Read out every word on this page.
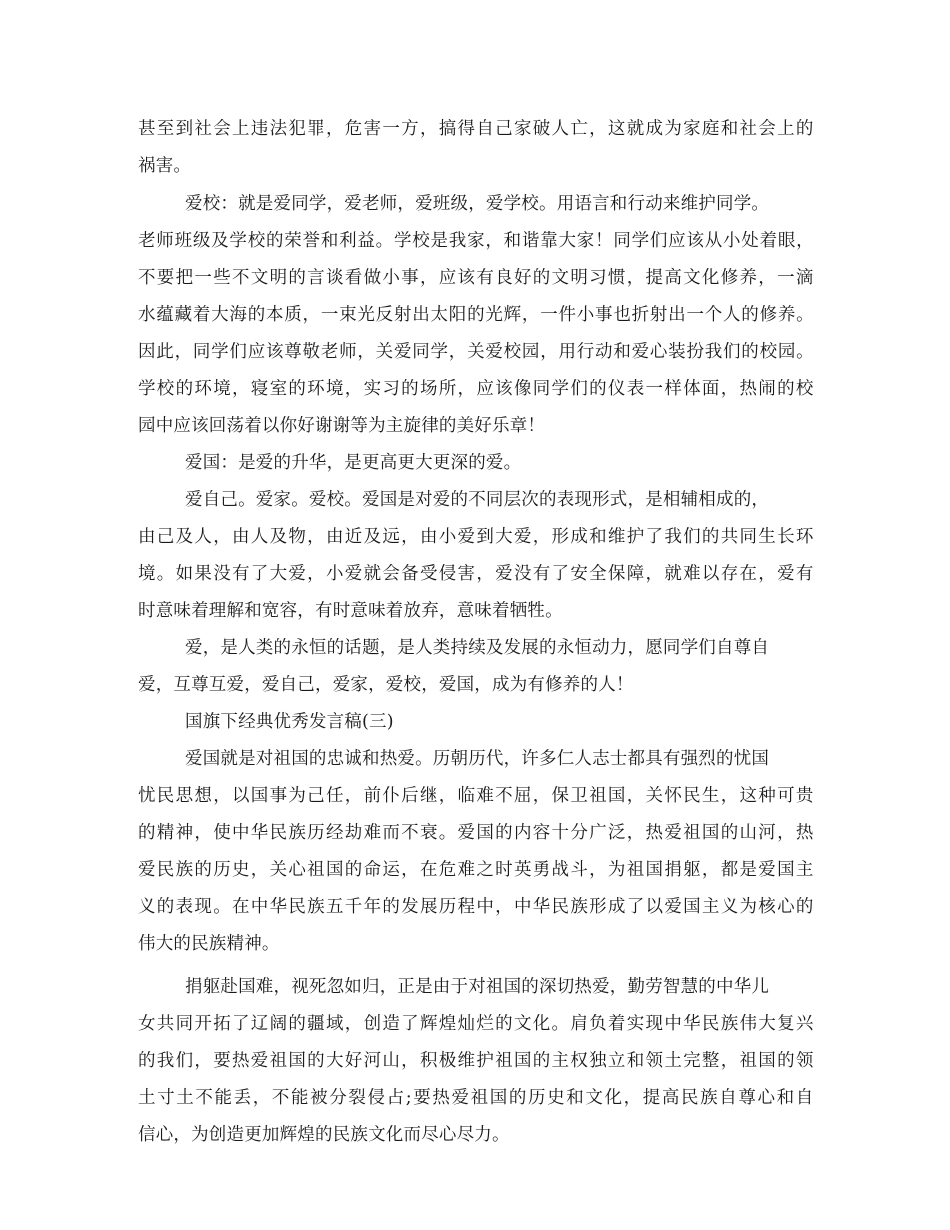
甚 至 到 社 会 上 违 法 犯 罪 ， 危 害 一 方 ， 搞 得 自 己 家 破 人 亡 ， 这 就 成 为 家 庭 和 社 会 上 的
祸害。
爱校：就是爱同学，爱老师，爱班级，爱学校。用语言和行动来维护同学。
老 师 班 级 及 学 校 的 荣 誉 和 利 益 。 学 校 是 我 家 ， 和 谐 靠 大 家 ！ 同 学 们 应 该 从 小 处 着 眼 ，
不 要 把 一 些 不 文 明 的 言 谈 看 做 小 事 ， 应 该 有 良 好 的 文 明 习 惯 ， 提 高 文 化 修 养 ， 一 滴
水 蕴 藏 着 大 海 的 本 质 ， 一 束 光 反 射 出 太 阳 的 光 辉 ， 一 件 小 事 也 折 射 出 一 个 人 的 修 养 。
因 此 ， 同 学 们 应 该 尊 敬 老 师 ， 关 爱 同 学 ， 关 爱 校 园 ， 用 行 动 和 爱 心 装 扮 我 们 的 校 园 。
学 校 的 环 境 ， 寝 室 的 环 境 ， 实 习 的 场 所 ， 应 该 像 同 学 们 的 仪 表 一 样 体 面 ， 热 闹 的 校
园中应该回荡着以你好谢谢等为主旋律的美好乐章！
爱国：是爱的升华，是更高更大更深的爱。
爱自己。爱家。爱校。爱国是对爱的不同层次的表现形式，是相辅相成的，
由 己 及 人 ， 由 人 及 物 ， 由 近 及 远 ， 由 小 爱 到 大 爱 ， 形 成 和 维 护 了 我 们 的 共 同 生 长 环
境 。 如 果 没 有 了 大 爱 ， 小 爱 就 会 备 受 侵 害 ， 爱 没 有 了 安 全 保 障 ， 就 难 以 存 在 ， 爱 有
时意味着理解和宽容，有时意味着放弃，意味着牺牲。
爱，是人类的永恒的话题，是人类持续及发展的永恒动力，愿同学们自尊自
爱，互尊互爱，爱自己，爱家，爱校，爱国，成为有修养的人！
国旗下经典优秀发言稿(三)
爱国就是对祖国的忠诚和热爱。历朝历代，许多仁人志士都具有强烈的忧国
忧 民 思 想 ， 以 国 事 为 己 任 ， 前 仆 后 继 ， 临 难 不 屈 ， 保 卫 祖 国 ， 关 怀 民 生 ， 这 种 可 贵
的 精 神 ， 使 中 华 民 族 历 经 劫 难 而 不 衰 。 爱 国 的 内 容 十 分 广 泛 ， 热 爱 祖 国 的 山 河 ， 热
爱 民 族 的 历 史 ， 关 心 祖 国 的 命 运 ， 在 危 难 之 时 英 勇 战 斗 ， 为 祖 国 捐 躯 ， 都 是 爱 国 主
义 的 表 现 。 在 中 华 民 族 五 千 年 的 发 展 历 程 中 ， 中 华 民 族 形 成 了 以 爱 国 主 义 为 核 心 的
伟大的民族精神。
捐躯赴国难，视死忽如归，正是由于对祖国的深切热爱，勤劳智慧的中华儿
女 共 同 开 拓 了 辽 阔 的 疆 域 ， 创 造 了 辉 煌 灿 烂 的 文 化 。 肩 负 着 实 现 中 华 民 族 伟 大 复 兴
的 我 们 ， 要 热 爱 祖 国 的 大 好 河 山 ， 积 极 维 护 祖 国 的 主 权 独 立 和 领 土 完 整 ， 祖 国 的 领
土 寸 土 不 能 丢 ， 不 能 被 分 裂 侵 占 ; 要 热 爱 祖 国 的 历 史 和 文 化 ， 提 高 民 族 自 尊 心 和 自
信心，为创造更加辉煌的民族文化而尽心尽力。
